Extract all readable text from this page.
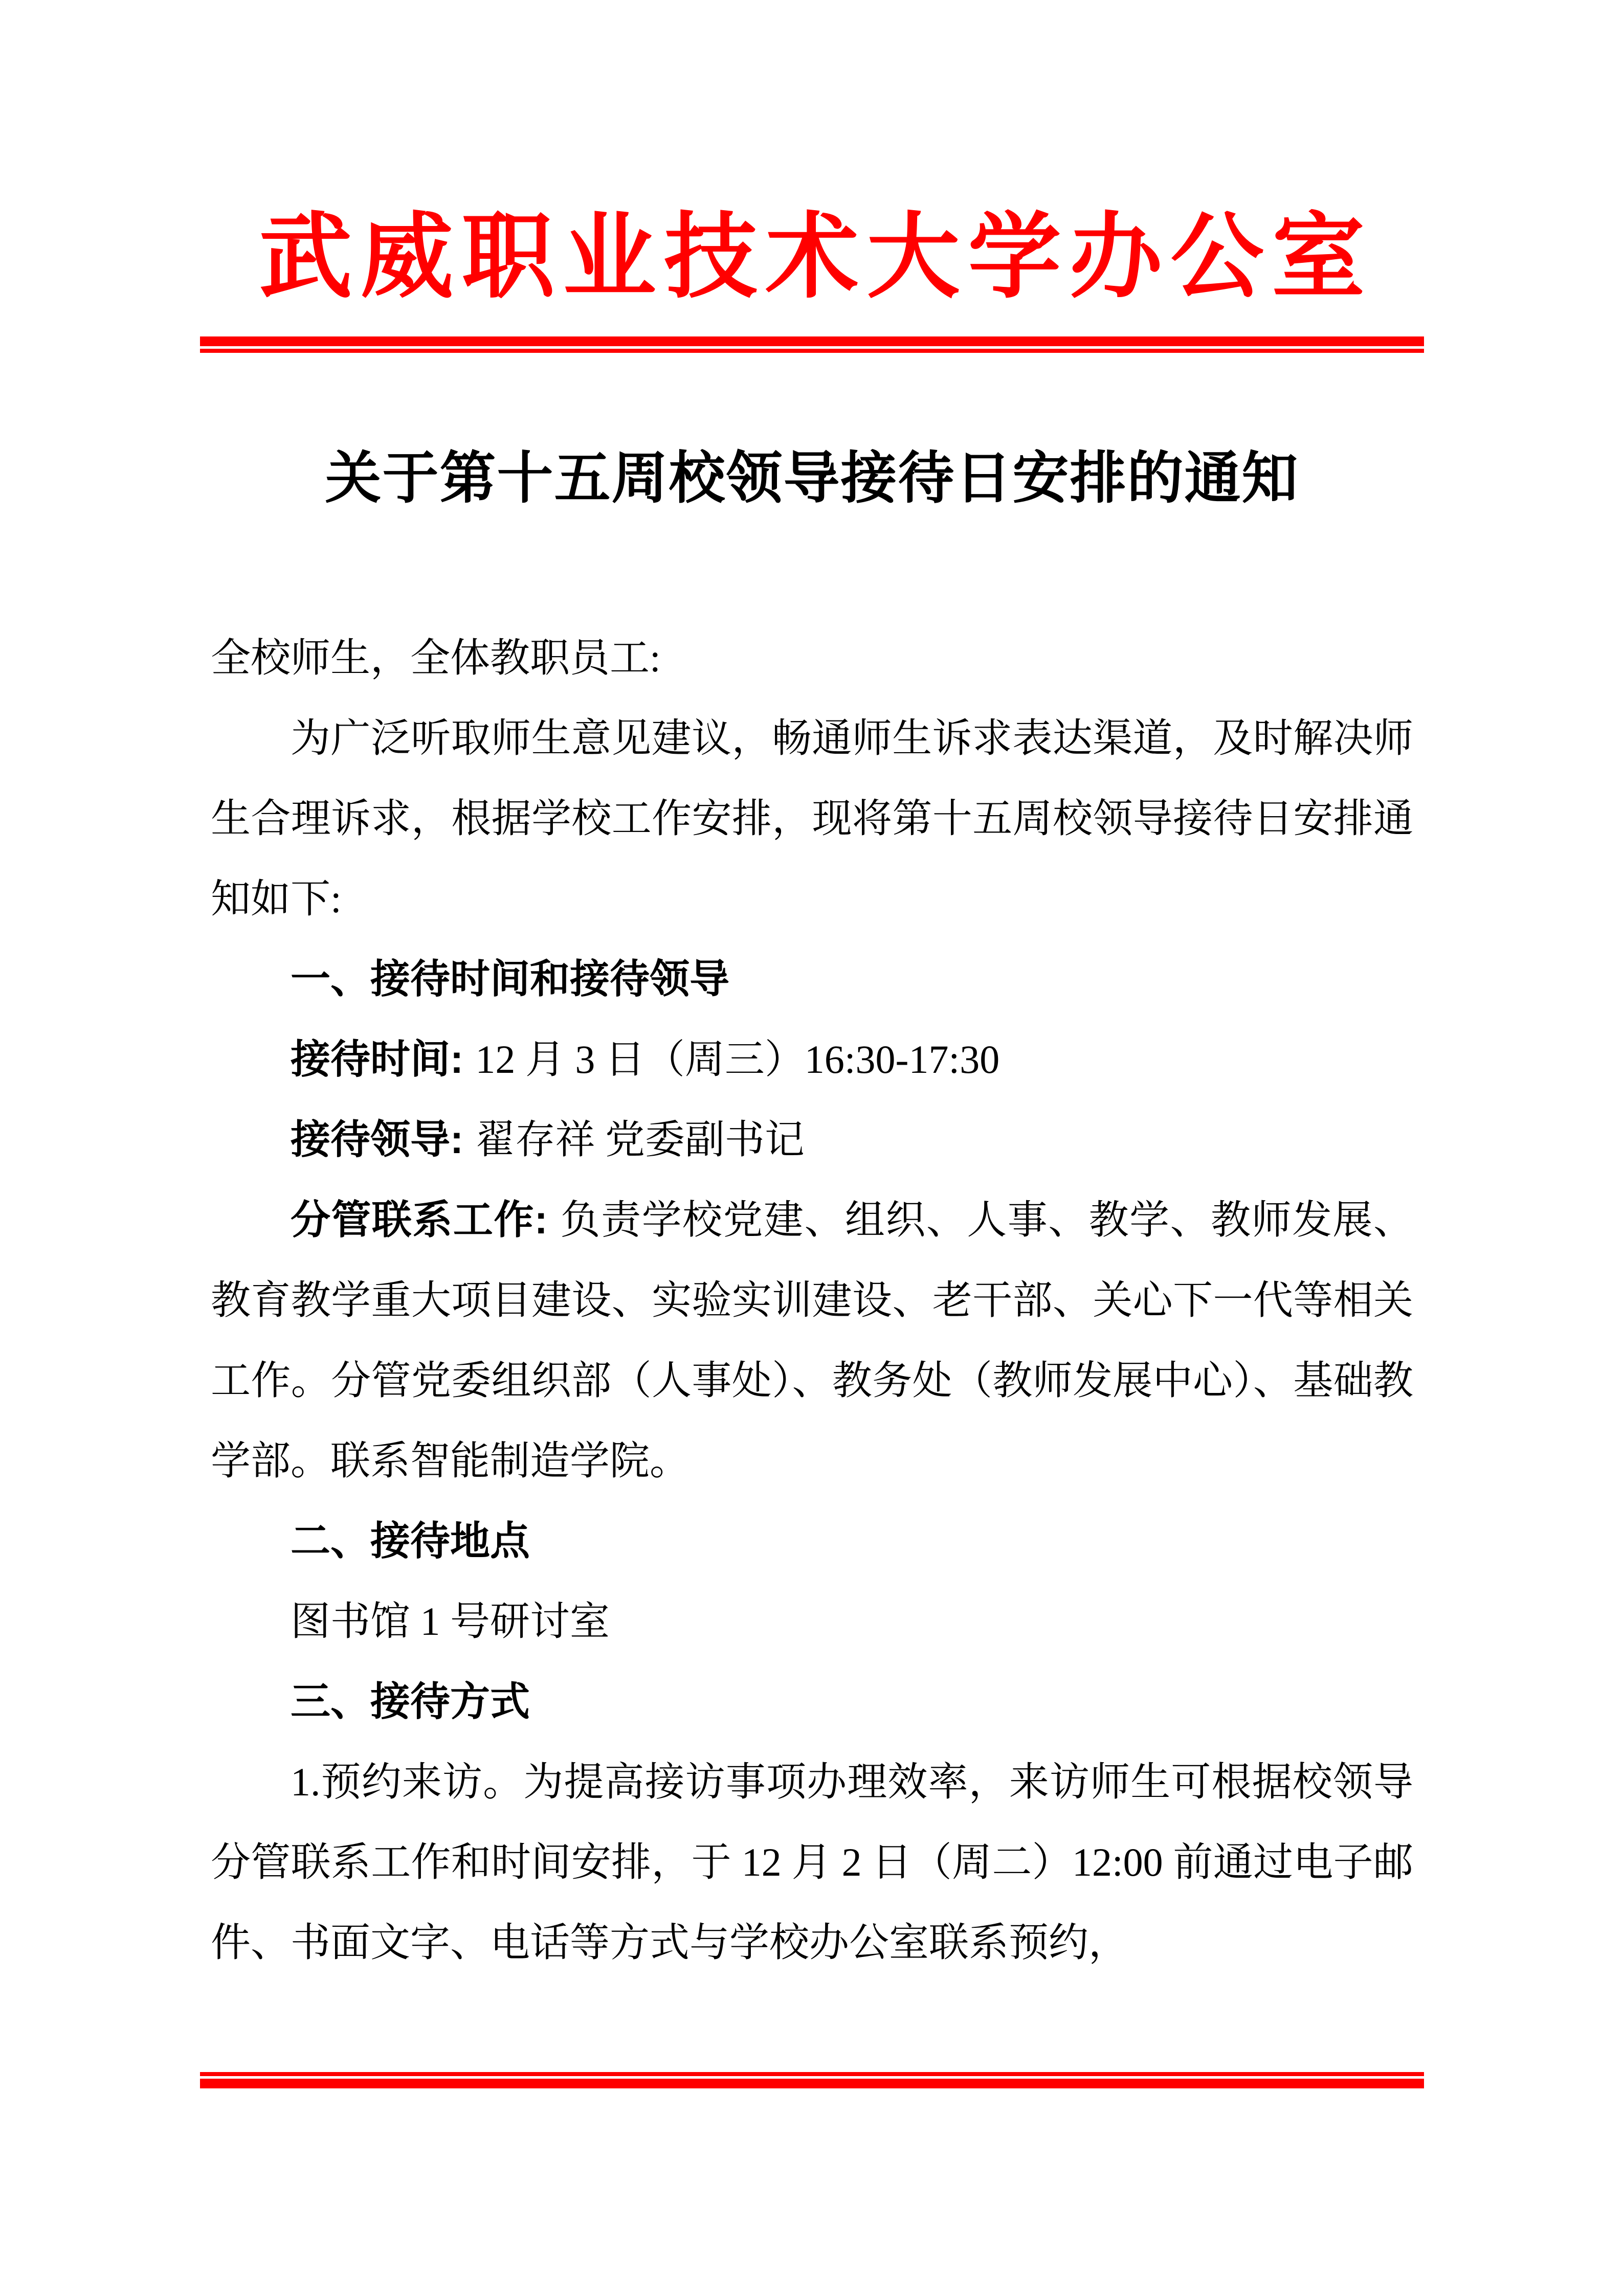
武威职业技术大学办公室
关于第十五周校领导接待日安排的通知

全校师生，全体教职员工:

为广泛听取师生意见建议，畅通师生诉求表达渠道，及时解决师生合理诉求，根据学校工作安排，现将第十五周校领导接待日安排通知如下:

一、接待时间和接待领导

接待时间: 12 月 3 日（周三）16:30-17:30

接待领导: 翟存祥 党委副书记

分管联系工作: 负责学校党建、组织、人事、教学、教师发展、教育教学重大项目建设、实验实训建设、老干部、关心下一代等相关工作。分管党委组织部（人事处）、教务处（教师发展中心）、基础教学部。联系智能制造学院。

二、接待地点

图书馆 1 号研讨室

三、接待方式

1.预约来访。为提高接访事项办理效率，来访师生可根据校领导分管联系工作和时间安排，于 12 月 2 日（周二）12:00 前通过电子邮件、书面文字、电话等方式与学校办公室联系预约，
